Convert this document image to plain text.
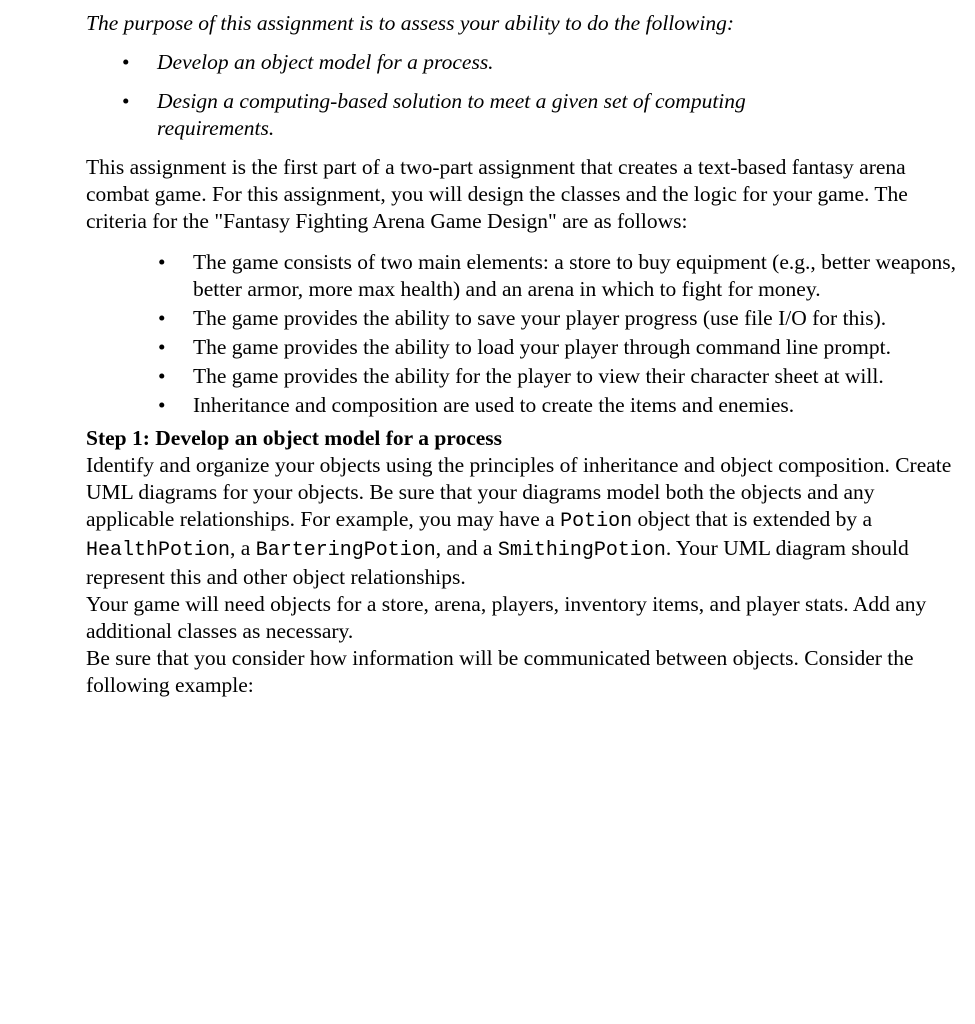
The purpose of this assignment is to assess your ability to do the following:

• Develop an object model for a process.
• Design a computing-based solution to meet a given set of computing requirements.

This assignment is the first part of a two-part assignment that creates a text-based fantasy arena combat game. For this assignment, you will design the classes and the logic for your game. The criteria for the "Fantasy Fighting Arena Game Design" are as follows:

• The game consists of two main elements: a store to buy equipment (e.g., better weapons, better armor, more max health) and an arena in which to fight for money.
• The game provides the ability to save your player progress (use file I/O for this).
• The game provides the ability to load your player through command line prompt.
• The game provides the ability for the player to view their character sheet at will.
• Inheritance and composition are used to create the items and enemies.
Step 1: Develop an object model for a process

Identify and organize your objects using the principles of inheritance and object composition. Create UML diagrams for your objects. Be sure that your diagrams model both the objects and any applicable relationships. For example, you may have a Potion object that is extended by a HealthPotion, a BarteringPotion, and a SmithingPotion. Your UML diagram should represent this and other object relationships.

Your game will need objects for a store, arena, players, inventory items, and player stats. Add any additional classes as necessary.

Be sure that you consider how information will be communicated between objects. Consider the following example:
